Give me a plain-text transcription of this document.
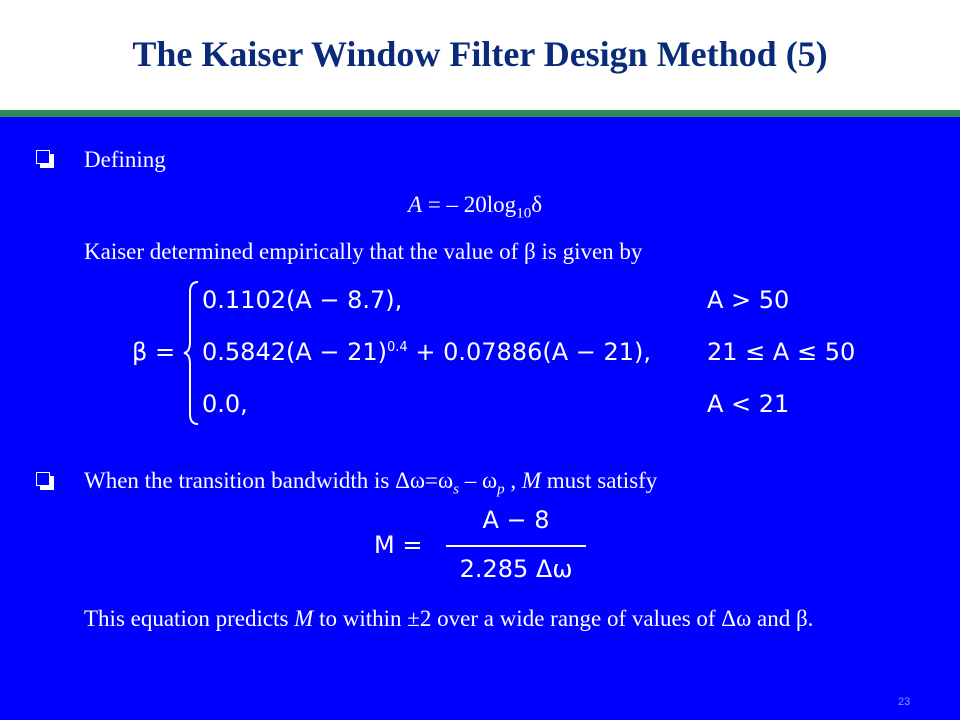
The Kaiser Window Filter Design Method (5)
Defining
A = – $20\log_{10}\delta$
Kaiser determined empirically that the value of β is given by
β =
0.1102(A − 8.7),	A > 50
$0.5842(A - 21)^{0.4} + 0.07886(A - 21)$, 21 ≤ A ≤ 50
0.0,	A < 21
When the transition bandwidth is $\Delta\omega=\omega_s - \omega_p$ , M must satisfy
M =
A − 8
2.285 Δω
This equation predicts M to within ±2 over a wide range of values of Δω and β.
23
